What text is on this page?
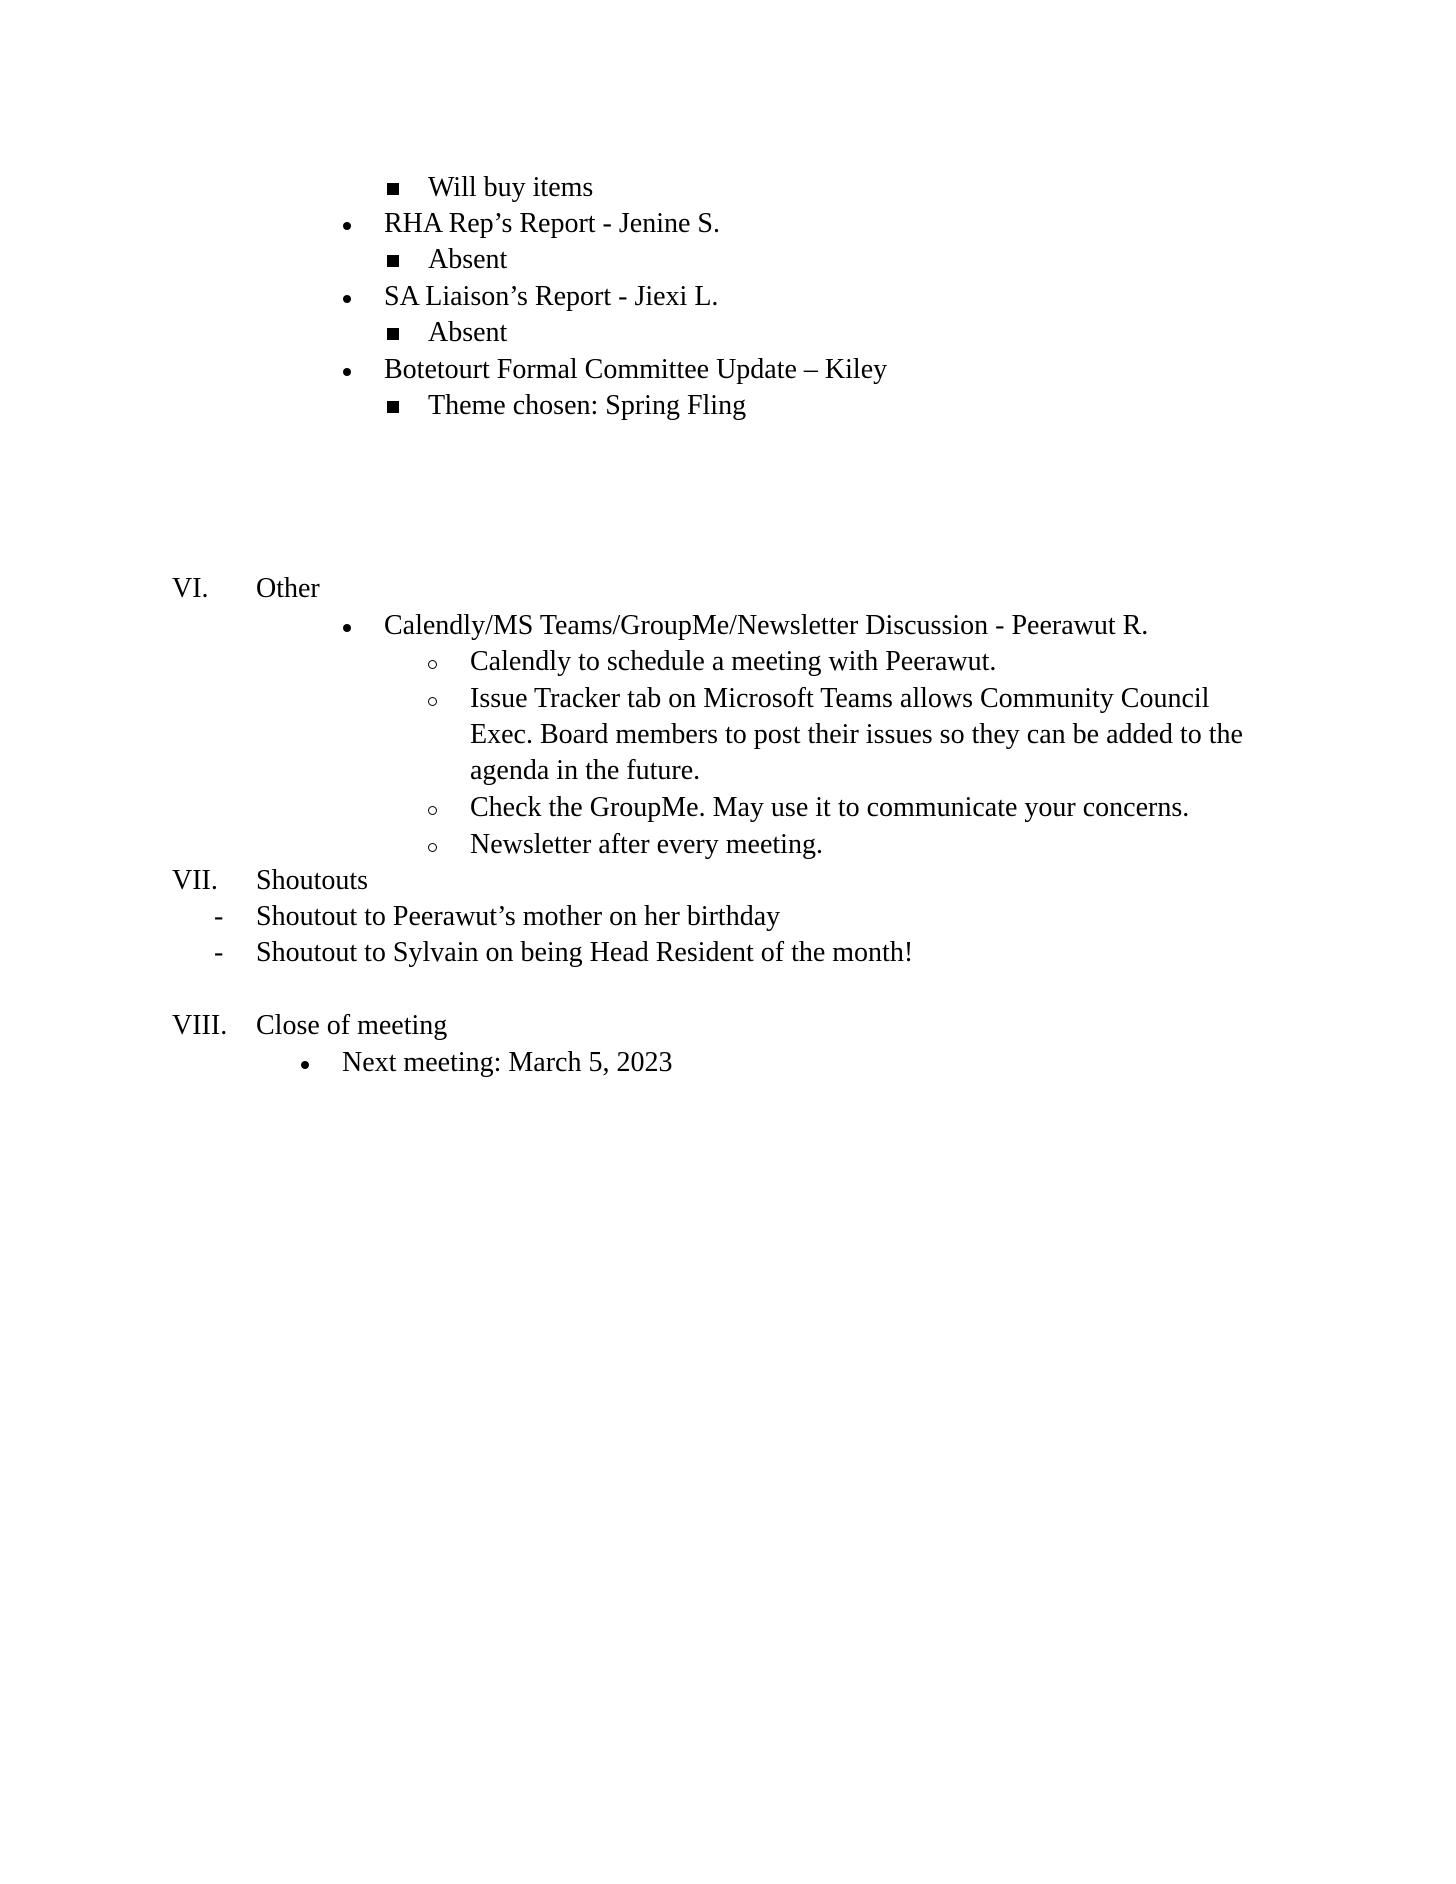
Will buy items
RHA Rep’s Report - Jenine S.
Absent
SA Liaison’s Report - Jiexi L.
Absent
Botetourt Formal Committee Update – Kiley
Theme chosen: Spring Fling
VI. Other
Calendly/MS Teams/GroupMe/Newsletter Discussion - Peerawut R.
Calendly to schedule a meeting with Peerawut.
Issue Tracker tab on Microsoft Teams allows Community Council
Exec. Board members to post their issues so they can be added to the
agenda in the future.
Check the GroupMe. May use it to communicate your concerns.
Newsletter after every meeting.
VII. Shoutouts
- Shoutout to Peerawut’s mother on her birthday
- Shoutout to Sylvain on being Head Resident of the month!
VIII. Close of meeting
Next meeting: March 5, 2023
